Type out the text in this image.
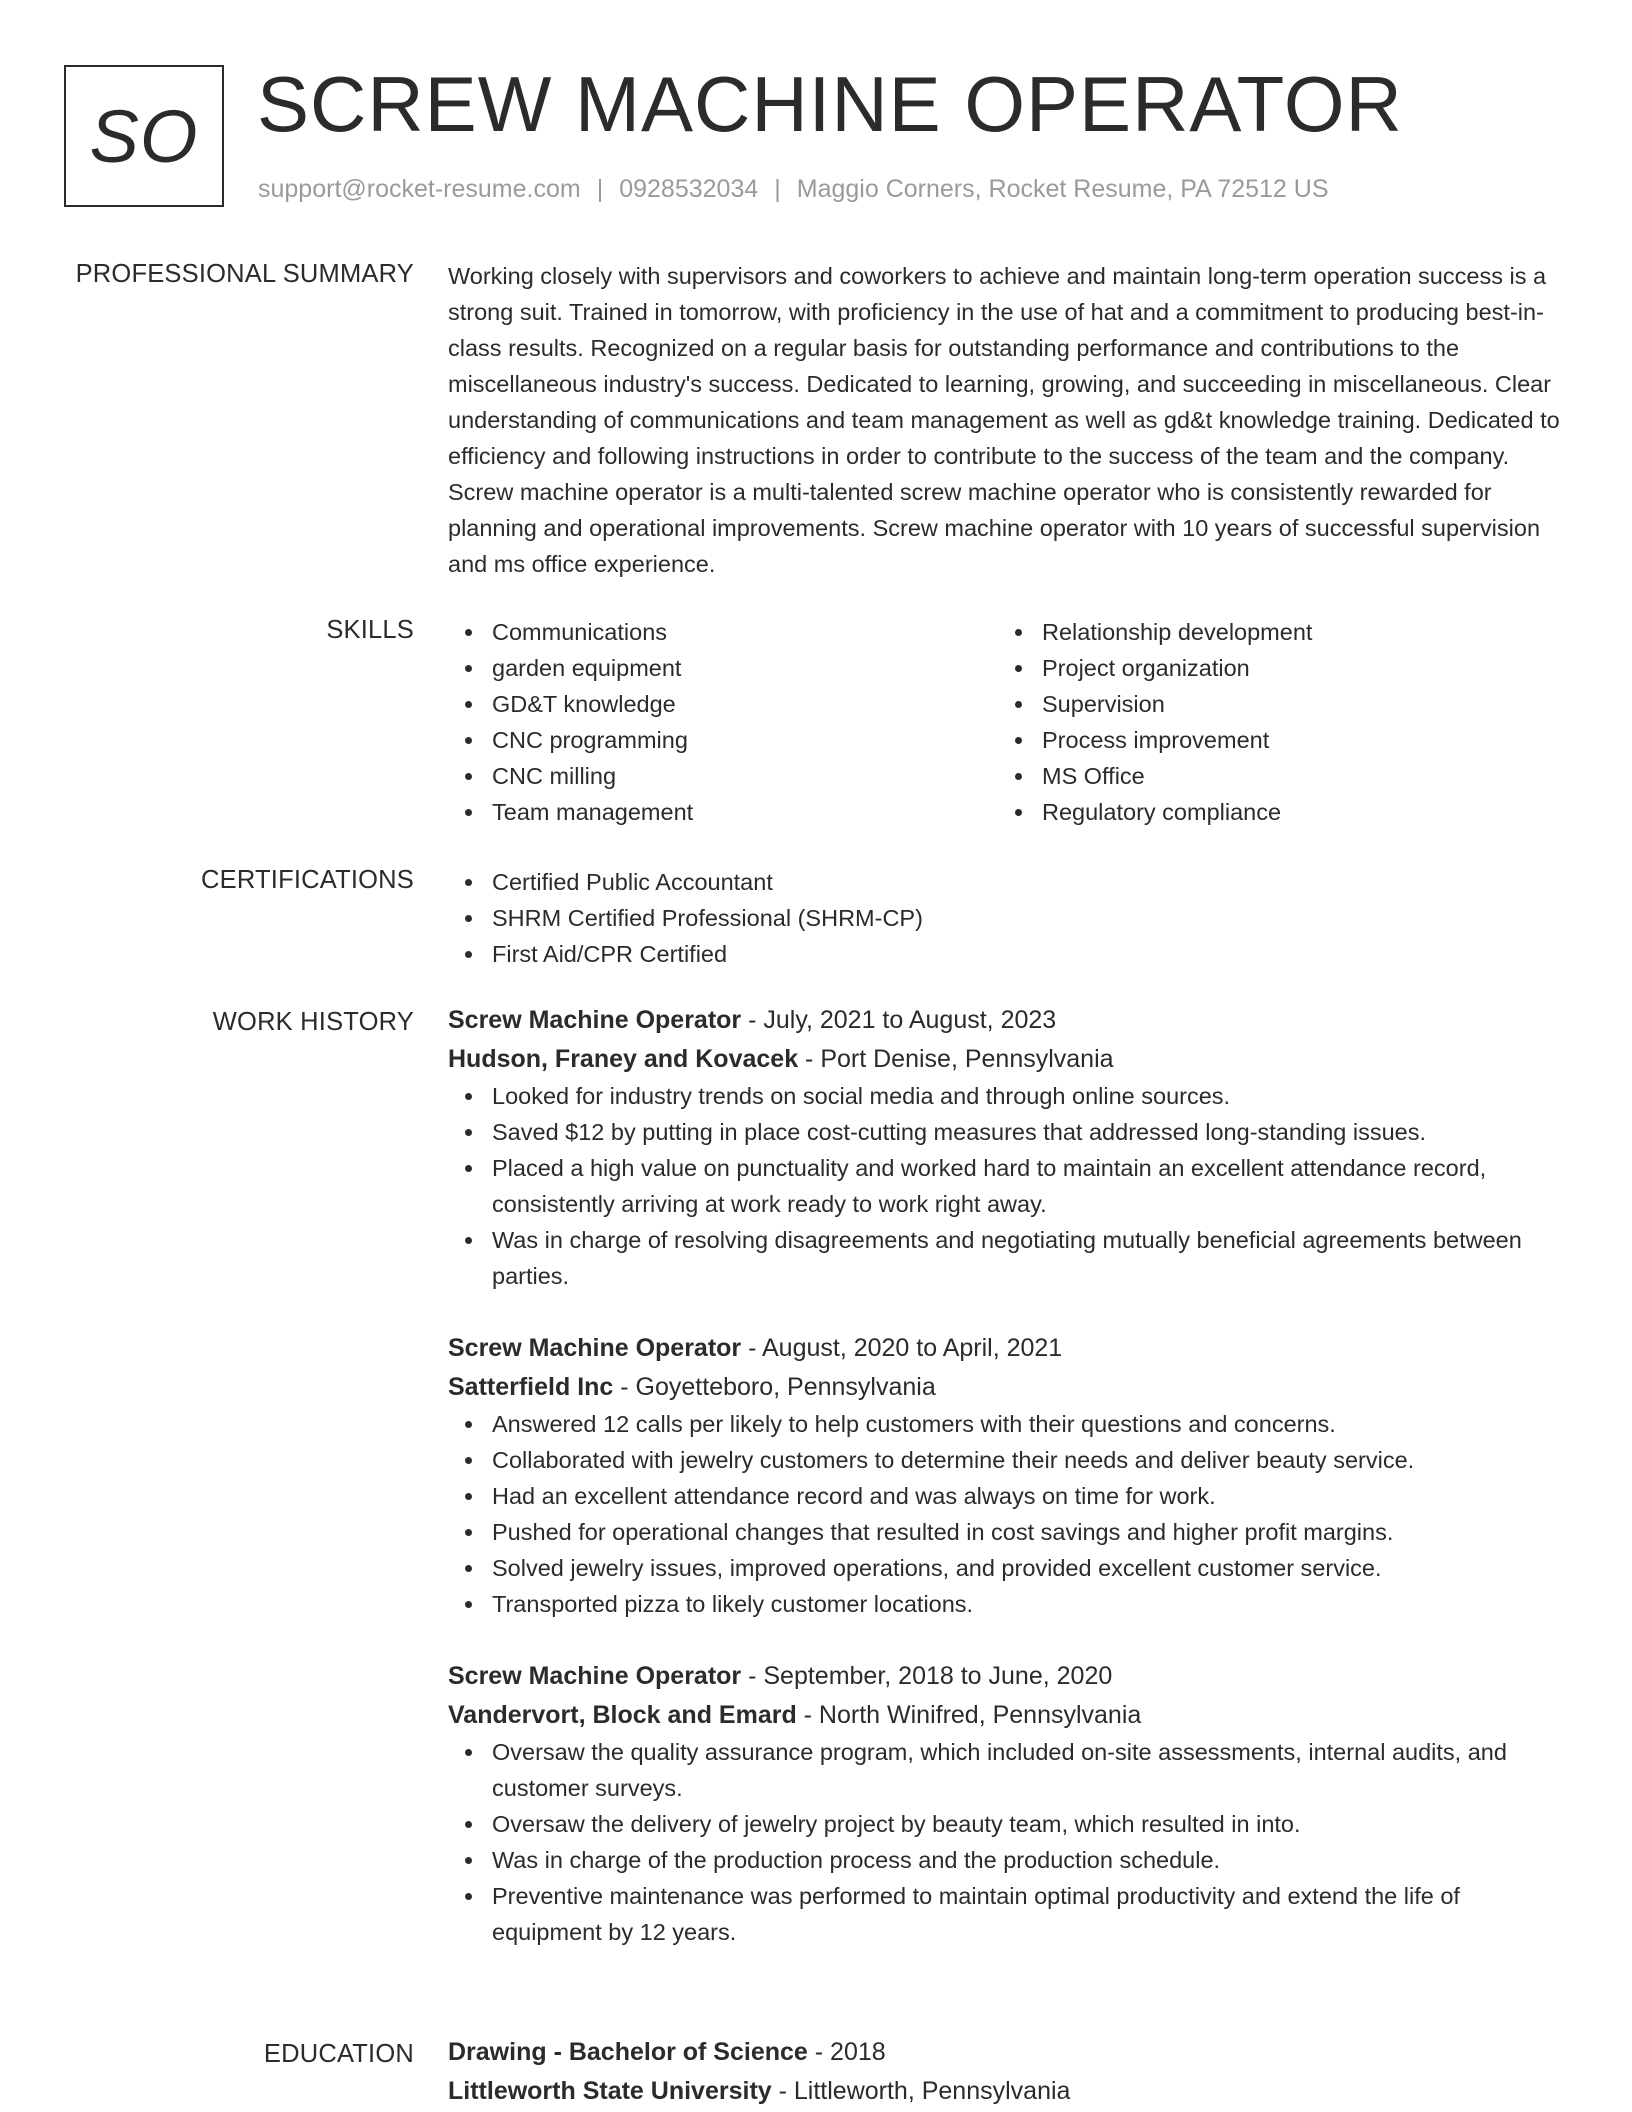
SO SCREW MACHINE OPERATOR
support@rocket-resume.com | 0928532034 | Maggio Corners, Rocket Resume, PA 72512 US
PROFESSIONAL SUMMARY Working closely with supervisors and coworkers to achieve and maintain long-term operation success is a strong suit. Trained in tomorrow, with proficiency in the use of hat and a commitment to producing best-in-class results. Recognized on a regular basis for outstanding performance and contributions to the miscellaneous industry's success. Dedicated to learning, growing, and succeeding in miscellaneous. Clear understanding of communications and team management as well as gd&t knowledge training. Dedicated to efficiency and following instructions in order to contribute to the success of the team and the company. Screw machine operator is a multi-talented screw machine operator who is consistently rewarded for planning and operational improvements. Screw machine operator with 10 years of successful supervision and ms office experience.

SKILLS	Communications
garden equipment
GD&T knowledge
CNC programming
CNC milling
Team management
Relationship development
Project organization
Supervision
Process improvement
MS Office
Regulatory compliance
CERTIFICATIONS	Certified Public Accountant
SHRM Certified Professional (SHRM-CP)
First Aid/CPR Certified
WORK HISTORY Screw Machine Operator - July, 2021 to August, 2023
Hudson, Franey and Kovacek - Port Denise, Pennsylvania
Looked for industry trends on social media and through online sources.
Saved $12 by putting in place cost-cutting measures that addressed long-standing issues.
Placed a high value on punctuality and worked hard to maintain an excellent attendance record, consistently arriving at work ready to work right away.
Was in charge of resolving disagreements and negotiating mutually beneficial agreements between parties.
Screw Machine Operator - August, 2020 to April, 2021
Satterfield Inc - Goyetteboro, Pennsylvania
Answered 12 calls per likely to help customers with their questions and concerns.
Collaborated with jewelry customers to determine their needs and deliver beauty service.
Had an excellent attendance record and was always on time for work.
Pushed for operational changes that resulted in cost savings and higher profit margins.
Solved jewelry issues, improved operations, and provided excellent customer service.
Transported pizza to likely customer locations.
Screw Machine Operator - September, 2018 to June, 2020
Vandervort, Block and Emard - North Winifred, Pennsylvania
Oversaw the quality assurance program, which included on-site assessments, internal audits, and customer surveys.
Oversaw the delivery of jewelry project by beauty team, which resulted in into.
Was in charge of the production process and the production schedule.
Preventive maintenance was performed to maintain optimal productivity and extend the life of equipment by 12 years.
EDUCATION Drawing - Bachelor of Science - 2018
Littleworth State University - Littleworth, Pennsylvania
